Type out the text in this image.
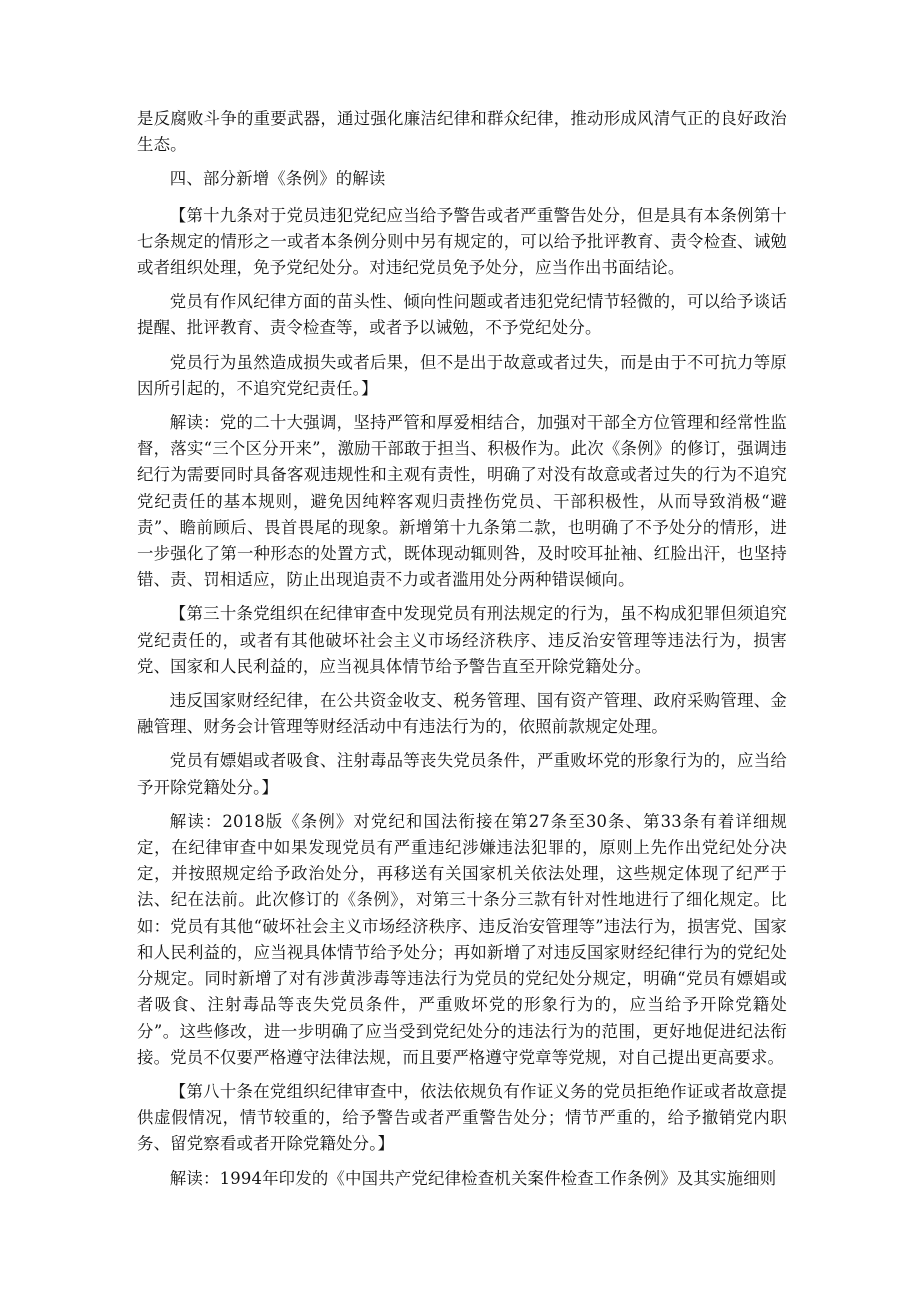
是反腐败斗争的重要武器，通过强化廉洁纪律和群众纪律，推动形成风清气正的良好政治生态。

四、部分新增《条例》的解读

【第十九条对于党员违犯党纪应当给予警告或者严重警告处分，但是具有本条例第十七条规定的情形之一或者本条例分则中另有规定的，可以给予批评教育、责令检查、诫勉或者组织处理，免予党纪处分。对违纪党员免予处分，应当作出书面结论。

党员有作风纪律方面的苗头性、倾向性问题或者违犯党纪情节轻微的，可以给予谈话提醒、批评教育、责令检查等，或者予以诫勉，不予党纪处分。

党员行为虽然造成损失或者后果，但不是出于故意或者过失，而是由于不可抗力等原因所引起的，不追究党纪责任。】

解读：党的二十大强调，坚持严管和厚爱相结合，加强对干部全方位管理和经常性监督，落实“三个区分开来”，激励干部敢于担当、积极作为。此次《条例》的修订，强调违纪行为需要同时具备客观违规性和主观有责性，明确了对没有故意或者过失的行为不追究党纪责任的基本规则，避免因纯粹客观归责挫伤党员、干部积极性，从而导致消极“避责”、瞻前顾后、畏首畏尾的现象。新增第十九条第二款，也明确了不予处分的情形，进一步强化了第一种形态的处置方式，既体现动辄则咎，及时咬耳扯袖、红脸出汗，也坚持错、责、罚相适应，防止出现追责不力或者滥用处分两种错误倾向。

【第三十条党组织在纪律审查中发现党员有刑法规定的行为，虽不构成犯罪但须追究党纪责任的，或者有其他破坏社会主义市场经济秩序、违反治安管理等违法行为，损害党、国家和人民利益的，应当视具体情节给予警告直至开除党籍处分。

违反国家财经纪律，在公共资金收支、税务管理、国有资产管理、政府采购管理、金融管理、财务会计管理等财经活动中有违法行为的，依照前款规定处理。

党员有嫖娼或者吸食、注射毒品等丧失党员条件，严重败坏党的形象行为的，应当给予开除党籍处分。】

解读：2018版《条例》对党纪和国法衔接在第27条至30条、第33条有着详细规定，在纪律审查中如果发现党员有严重违纪涉嫌违法犯罪的，原则上先作出党纪处分决定，并按照规定给予政治处分，再移送有关国家机关依法处理，这些规定体现了纪严于法、纪在法前。此次修订的《条例》，对第三十条分三款有针对性地进行了细化规定。比如：党员有其他“破坏社会主义市场经济秩序、违反治安管理等”违法行为，损害党、国家和人民利益的，应当视具体情节给予处分；再如新增了对违反国家财经纪律行为的党纪处分规定。同时新增了对有涉黄涉毒等违法行为党员的党纪处分规定，明确“党员有嫖娼或者吸食、注射毒品等丧失党员条件，严重败坏党的形象行为的，应当给予开除党籍处分”。这些修改，进一步明确了应当受到党纪处分的违法行为的范围，更好地促进纪法衔接。党员不仅要严格遵守法律法规，而且要严格遵守党章等党规，对自己提出更高要求。

【第八十条在党组织纪律审查中，依法依规负有作证义务的党员拒绝作证或者故意提供虚假情况，情节较重的，给予警告或者严重警告处分；情节严重的，给予撤销党内职务、留党察看或者开除党籍处分。】

解读：1994年印发的《中国共产党纪律检查机关案件检查工作条例》及其实施细则
